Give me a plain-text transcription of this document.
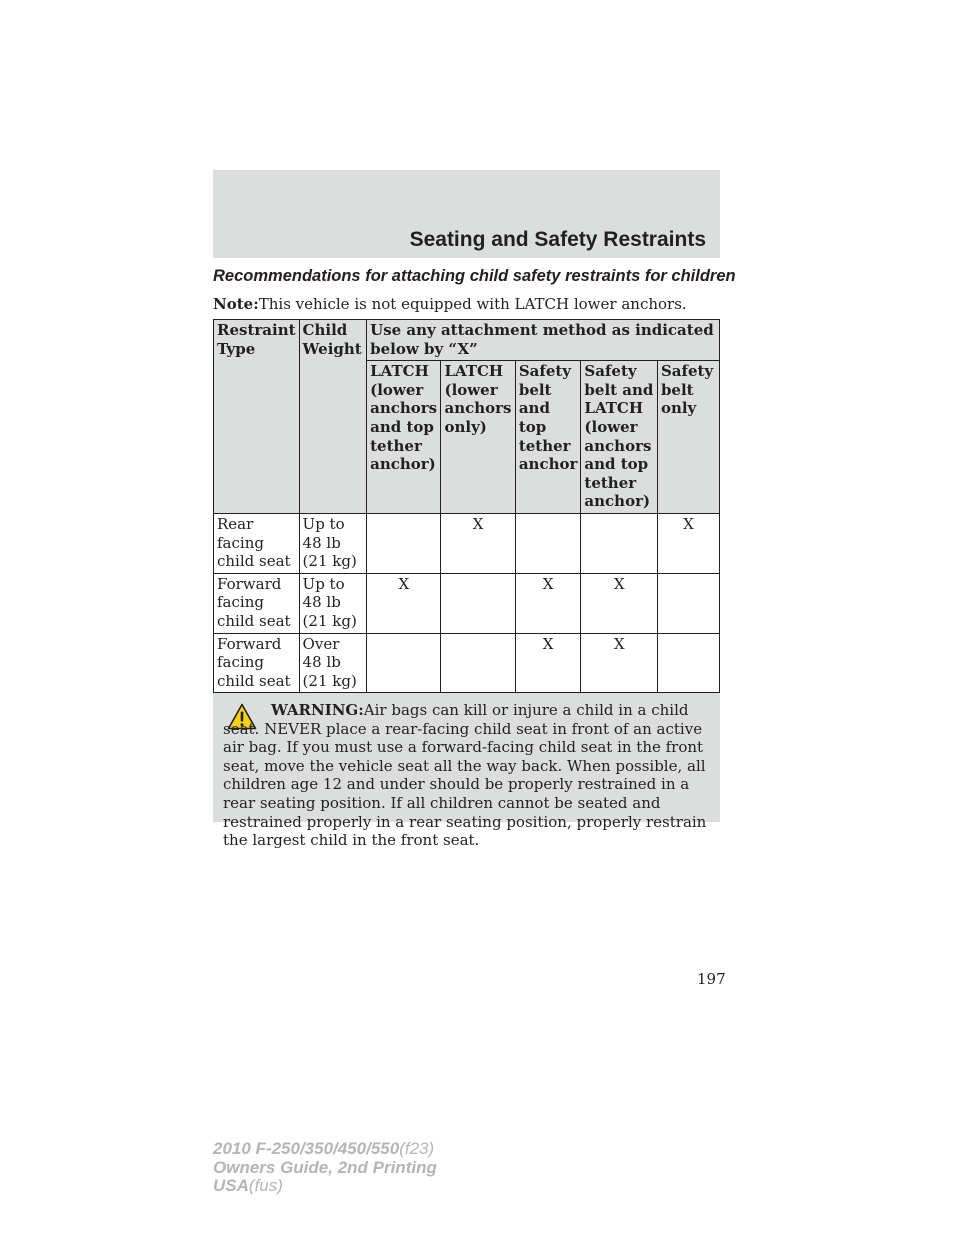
Seating and Safety Restraints
Recommendations for attaching child safety restraints for children
Note:This vehicle is not equipped with LATCH lower anchors.
Restraint Type	Child Weight	Use any attachment method as indicated below by “X”				
		LATCH (lower anchors and top tether anchor)	LATCH (lower anchors only)	Safety belt and top tether anchor	Safety belt and LATCH (lower anchors and top tether anchor)	Safety belt only
Rear facing child seat	Up to 48 lb (21 kg)		X			X
Forward facing child seat	Up to 48 lb (21 kg)	X		X	X	
Forward facing child seat	Over 48 lb (21 kg)			X	X	

WARNING:Air bags can kill or injure a child in a child seat. NEVER place a rear-facing child seat in front of an active air bag. If you must use a forward-facing child seat in the front seat, move the vehicle seat all the way back. When possible, all children age 12 and under should be properly restrained in a rear seating position. If all children cannot be seated and restrained properly in a rear seating position, properly restrain the largest child in the front seat.

197
2010 F-250/350/450/550(f23)
Owners Guide, 2nd Printing
USA(fus)
